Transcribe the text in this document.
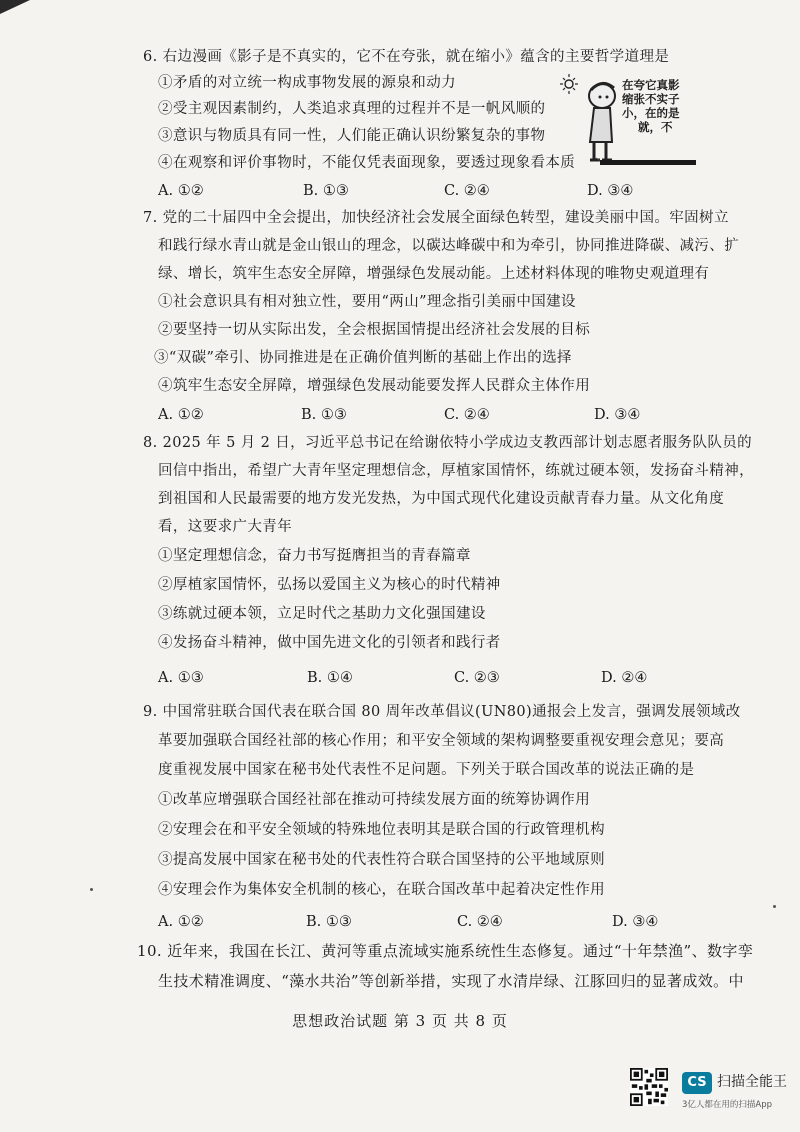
6. 右边漫画《影子是不真实的，它不在夸张，就在缩小》蕴含的主要哲学道理是
①矛盾的对立统一构成事物发展的源泉和动力
②受主观因素制约，人类追求真理的过程并不是一帆风顺的
③意识与物质具有同一性，人们能正确认识纷繁复杂的事物
④在观察和评价事物时，不能仅凭表面现象，要透过现象看本质
A. ①②	B. ①③	C. ②④	D. ③④
在夸它真影
缩张不实子
小，在的是
就，不
7. 党的二十届四中全会提出，加快经济社会发展全面绿色转型，建设美丽中国。牢固树立
和践行绿水青山就是金山银山的理念，以碳达峰碳中和为牵引，协同推进降碳、减污、扩
绿、增长，筑牢生态安全屏障，增强绿色发展动能。上述材料体现的唯物史观道理有
①社会意识具有相对独立性，要用“两山”理念指引美丽中国建设
②要坚持一切从实际出发，全会根据国情提出经济社会发展的目标
③“双碳”牵引、协同推进是在正确价值判断的基础上作出的选择
④筑牢生态安全屏障，增强绿色发展动能要发挥人民群众主体作用
A. ①②	B. ①③	C. ②④	D. ③④
8. 2025 年 5 月 2 日，习近平总书记在给谢依特小学成边支教西部计划志愿者服务队队员的
回信中指出，希望广大青年坚定理想信念，厚植家国情怀，练就过硬本领，发扬奋斗精神，
到祖国和人民最需要的地方发光发热，为中国式现代化建设贡献青春力量。从文化角度
看，这要求广大青年
①坚定理想信念，奋力书写挺膺担当的青春篇章
②厚植家国情怀，弘扬以爱国主义为核心的时代精神
③练就过硬本领，立足时代之基助力文化强国建设
④发扬奋斗精神，做中国先进文化的引领者和践行者
A. ①③	B. ①④	C. ②③	D. ②④
9. 中国常驻联合国代表在联合国 80 周年改革倡议(UN80)通报会上发言，强调发展领域改
革要加强联合国经社部的核心作用；和平安全领域的架构调整要重视安理会意见；要高
度重视发展中国家在秘书处代表性不足问题。下列关于联合国改革的说法正确的是
①改革应增强联合国经社部在推动可持续发展方面的统筹协调作用
②安理会在和平安全领域的特殊地位表明其是联合国的行政管理机构
③提高发展中国家在秘书处的代表性符合联合国坚持的公平地域原则
④安理会作为集体安全机制的核心，在联合国改革中起着决定性作用
A. ①②	B. ①③	C. ②④	D. ③④
10. 近年来，我国在长江、黄河等重点流域实施系统性生态修复。通过“十年禁渔”、数字孪
生技术精准调度、“藻水共治”等创新举措，实现了水清岸绿、江豚回归的显著成效。中
思想政治试题 第 3 页 共 8 页
CS 扫描全能王
3亿人都在用的扫描App
